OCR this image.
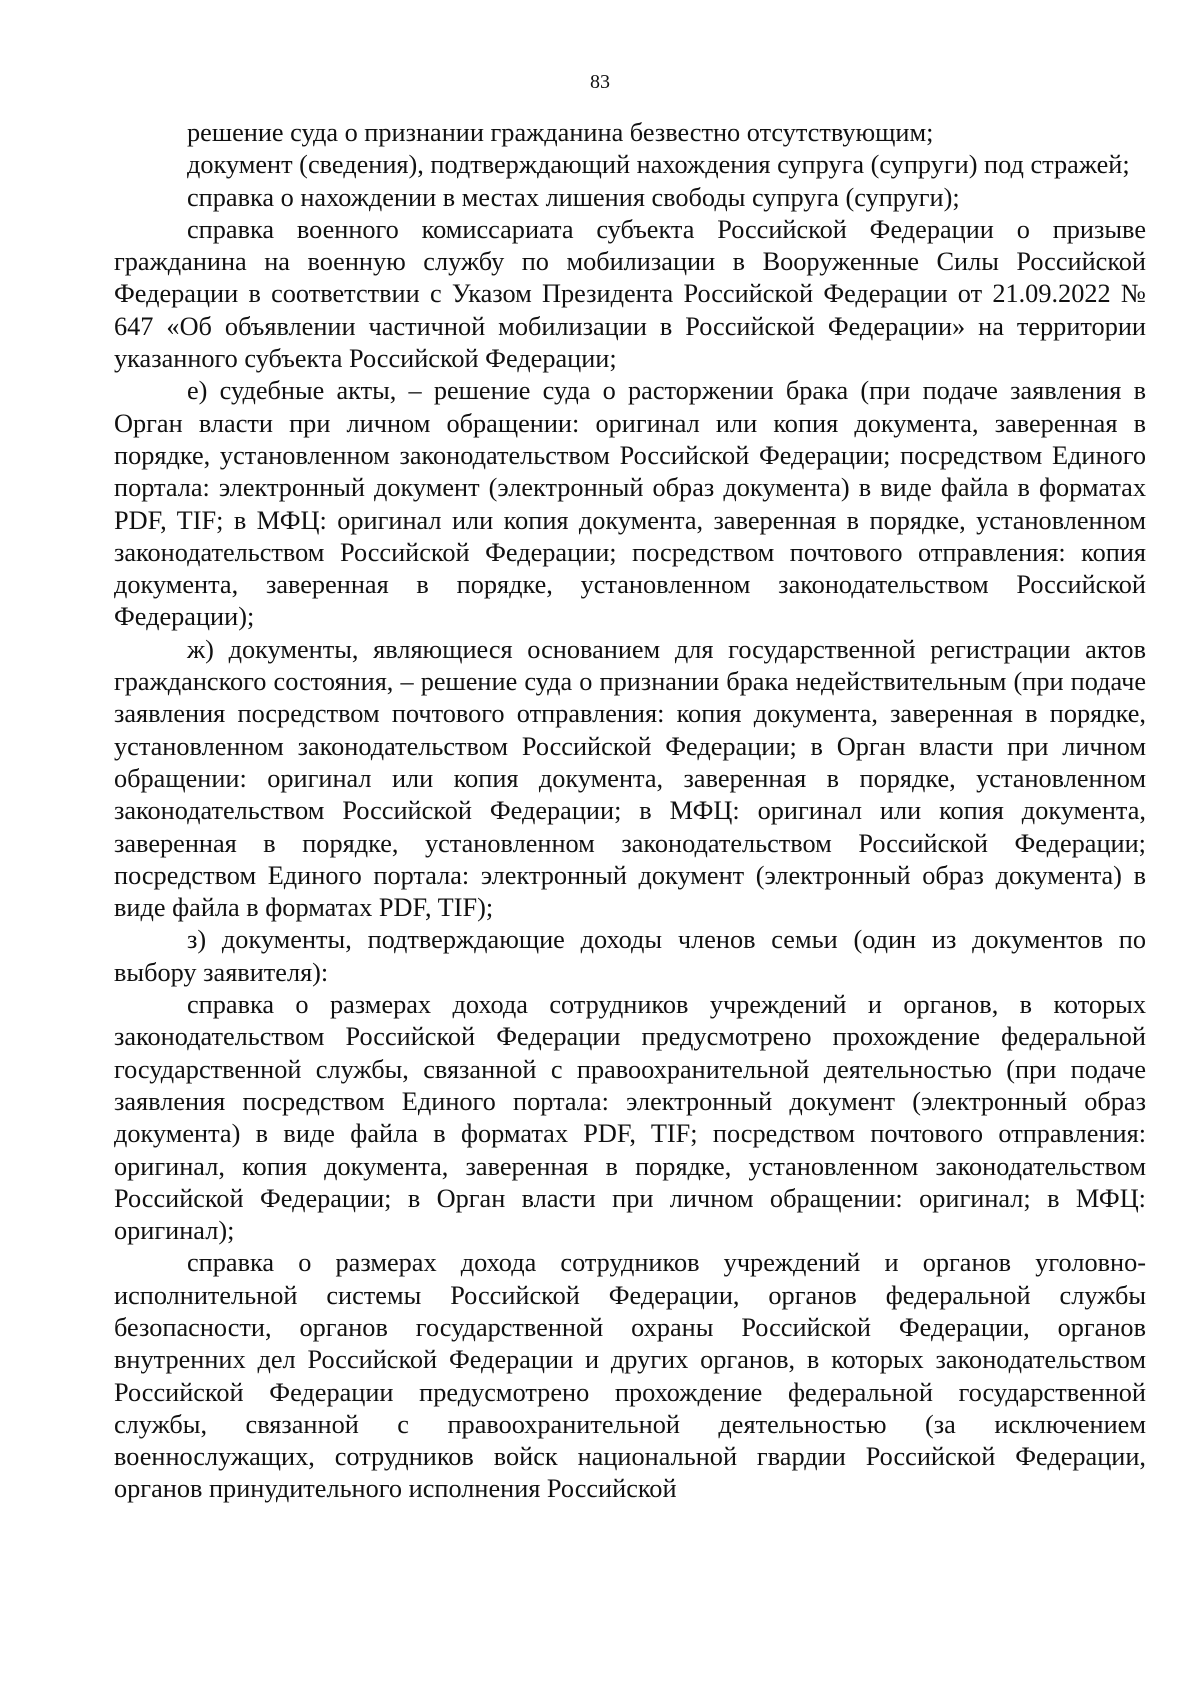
83

решение суда о признании гражданина безвестно отсутствующим;

документ (сведения), подтверждающий нахождения супруга (супруги) под стражей;

справка о нахождении в местах лишения свободы супруга (супруги);

справка военного комиссариата субъекта Российской Федерации о призыве гражданина на военную службу по мобилизации в Вооруженные Силы Российской Федерации в соответствии с Указом Президента Российской Федерации от 21.09.2022 № 647 «Об объявлении частичной мобилизации в Российской Федерации» на территории указанного субъекта Российской Федерации;

е) судебные акты, – решение суда о расторжении брака (при подаче заявления в Орган власти при личном обращении: оригинал или копия документа, заверенная в порядке, установленном законодательством Российской Федерации; посредством Единого портала: электронный документ (электронный образ документа) в виде файла в форматах PDF, TIF; в МФЦ: оригинал или копия документа, заверенная в порядке, установленном законодательством Российской Федерации; посредством почтового отправления: копия документа, заверенная в порядке, установленном законодательством Российской Федерации);

ж) документы, являющиеся основанием для государственной регистрации актов гражданского состояния, – решение суда о признании брака недействительным (при подаче заявления посредством почтового отправления: копия документа, заверенная в порядке, установленном законодательством Российской Федерации; в Орган власти при личном обращении: оригинал или копия документа, заверенная в порядке, установленном законодательством Российской Федерации; в МФЦ: оригинал или копия документа, заверенная в порядке, установленном законодательством Российской Федерации; посредством Единого портала: электронный документ (электронный образ документа) в виде файла в форматах PDF, TIF);

з) документы, подтверждающие доходы членов семьи (один из документов по выбору заявителя):

справка о размерах дохода сотрудников учреждений и органов, в которых законодательством Российской Федерации предусмотрено прохождение федеральной государственной службы, связанной с правоохранительной деятельностью (при подаче заявления посредством Единого портала: электронный документ (электронный образ документа) в виде файла в форматах PDF, TIF; посредством почтового отправления: оригинал, копия документа, заверенная в порядке, установленном законодательством Российской Федерации; в Орган власти при личном обращении: оригинал; в МФЦ: оригинал);

справка о размерах дохода сотрудников учреждений и органов уголовно-исполнительной системы Российской Федерации, органов федеральной службы безопасности, органов государственной охраны Российской Федерации, органов внутренних дел Российской Федерации и других органов, в которых законодательством Российской Федерации предусмотрено прохождение федеральной государственной службы, связанной с правоохранительной деятельностью (за исключением военнослужащих, сотрудников войск национальной гвардии Российской Федерации, органов принудительного исполнения Российской
